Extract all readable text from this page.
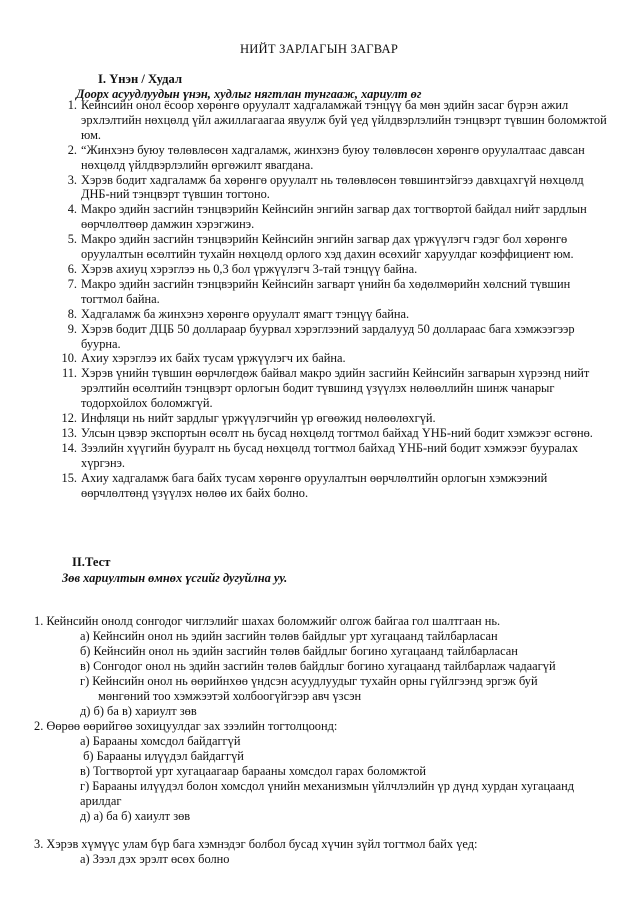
НИЙТ ЗАРЛАГЫН ЗАГВАР
I. Үнэн / Худал
Доорх асуудлуудын үнэн, худлыг нягтлан тунгааж, хариулт өг
1. Кейнсийн онол ёсоор хөрөнгө оруулалт хадгаламжай тэнцүү ба мөн эдийн засаг бүрэн ажил эрхлэлтийн нөхцөлд үйл ажиллагаагаа явуулж буй үед үйлдвэрлэлийн тэнцвэрт түвшин боломжтой юм.
2. “Жинхэнэ буюу төлөвлөсөн хадгаламж, жинхэнэ буюу төлөвлөсөн хөрөнгө оруулалтаас давсан нөхцөлд үйлдвэрлэлийн өргөжилт явагдана.
3. Хэрэв бодит хадгаламж ба хөрөнгө оруулалт нь төлөвлөсөн төвшинтэйгээ давхцахгүй нөхцөлд ДНБ-ний тэнцвэрт түвшин тогтоно.
4. Макро эдийн засгийн тэнцвэрийн Кейнсийн энгийн загвар дах тогтвортой байдал нийт зардлын өөрчлөлтөөр дамжин хэрэгжинэ.
5. Макро эдийн засгийн тэнцвэрийн Кейнсийн энгийн загвар дах үржүүлэгч гэдэг бол хөрөнгө оруулалтын өсөлтийн тухайн нөхцөлд орлого хэд дахин өсөхийг харуулдаг коэффициент юм.
6. Хэрэв ахиуц хэрэглээ нь 0,3 бол үржүүлэгч 3-тай тэнцүү байна.
7. Макро эдийн засгийн тэнцвэрийн Кейнсийн загварт үнийн ба хөдөлмөрийн хөлсний түвшин тогтмол байна.
8. Хадгаламж ба жинхэнэ хөрөнгө оруулалт ямагт тэнцүү байна.
9. Хэрэв бодит ДЦБ 50 доллараар буурвал хэрэглээний зардалууд 50 доллараас бага хэмжээгээр буурна.
10. Ахиу хэрэглээ их байх тусам үржүүлэгч их байна.
11. Хэрэв үнийн түвшин өөрчлөгдөж байвал макро эдийн засгийн Кейнсийн загварын хүрээнд нийт эрэлтийн өсөлтийн тэнцвэрт орлогын бодит түвшинд үзүүлэх нөлөөллийн шинж чанарыг тодорхойлох боломжгүй.
12. Инфляци нь нийт зардлыг үржүүлэгчийн үр өгөөжид нөлөөлөхгүй.
13. Улсын цэвэр экспортын өсөлт нь бусад нөхцөлд тогтмол байхад ҮНБ-ний бодит хэмжээг өсгөнө.
14. Зээлийн хүүгийн бууралт нь бусад нөхцөлд тогтмол байхад ҮНБ-ний бодит хэмжээг бууралах хүргэнэ.
15. Ахиу хадгаламж бага байх тусам хөрөнгө оруулалтын өөрчлөлтийн орлогын хэмжээний өөрчлөлтөнд үзүүлэх нөлөө их байх болно.
II.Тест
Зөв хариултын өмнөх үсгийг дугуйлна уу.
1. Кейнсийн онолд сонгодог чиглэлийг шахах боломжийг олгож байгаа гол шалтгаан нь.
а) Кейнсийн онол нь эдийн засгийн төлөв байдлыг урт хугацаанд тайлбарласан
б) Кейнсийн онол нь эдийн засгийн төлөв байдлыг богино хугацаанд тайлбарласан
в) Сонгодог онол нь эдийн засгийн төлөв байдлыг богино хугацаанд тайлбарлаж чадаагүй
г) Кейнсийн онол нь өөрийнхөө үндсэн асуудлуудыг тухайн орны гүйлгээнд эргэж буй
мөнгөний тоо хэмжээтэй холбоогүйгээр авч үзсэн
д) б) ба в) хариулт зөв
2. Өөрөө өөрийгөө зохицуулдаг зах зээлийн тогтолцоонд:
а) Барааны хомсдол байдаггүй
б) Барааны илүүдэл байдаггүй
в) Тогтвортой урт хугацаагаар барааны хомсдол гарах боломжтой
г) Барааны илүүдэл болон хомсдол үнийн механизмын үйлчлэлийн үр дүнд хурдан хугацаанд
арилдаг
д) а) ба б) хаиулт зөв
3. Хэрэв хүмүүс улам бүр бага хэмнэдэг болбол бусад хүчин зүйл тогтмол байх үед:
а) Зээл дэх эрэлт өсөх болно
